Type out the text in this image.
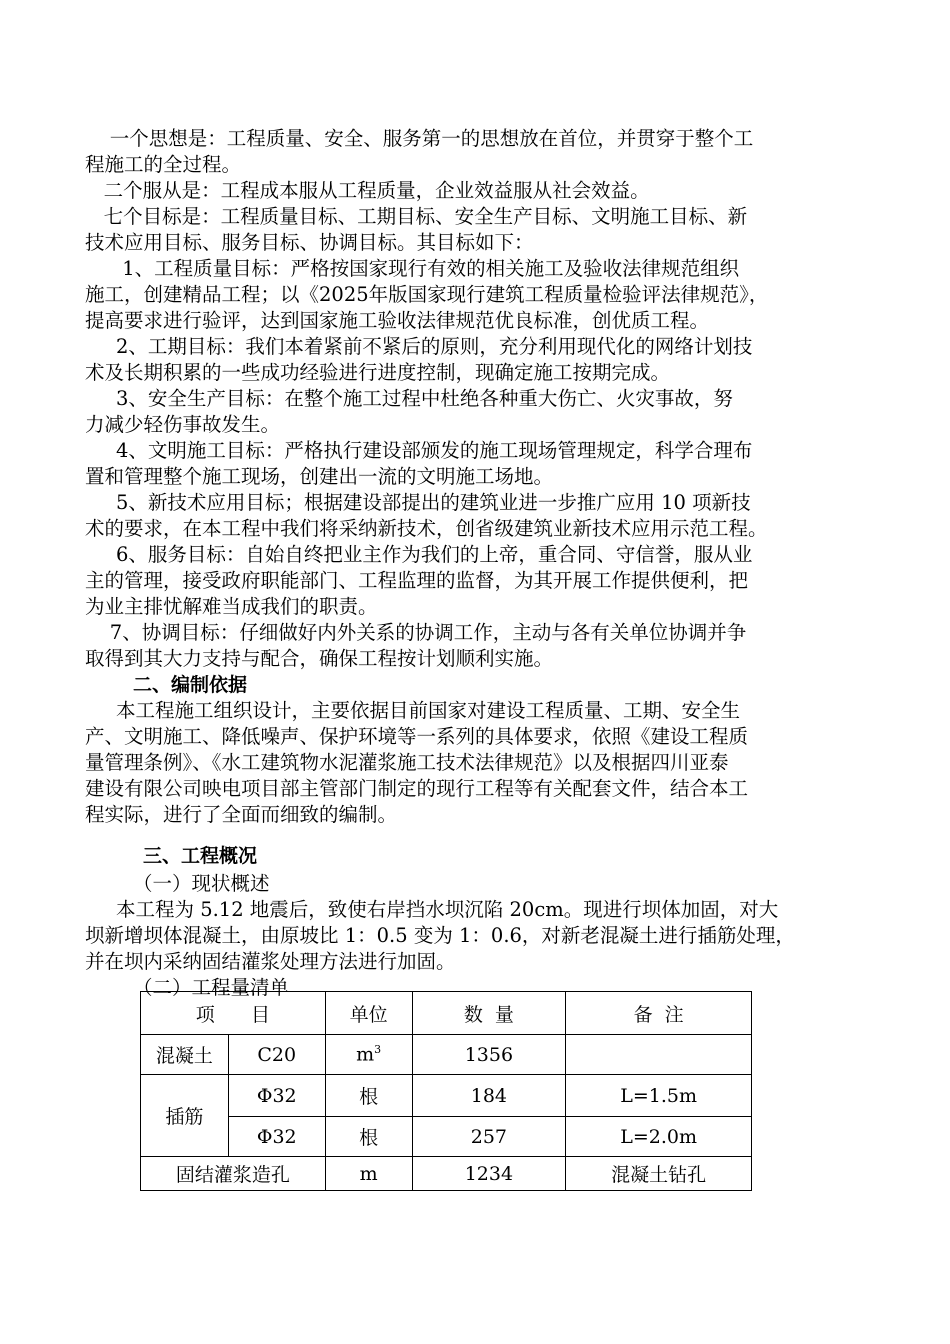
一个思想是：工程质量、安全、服务第一的思想放在首位，并贯穿于整个工
程施工的全过程。
二个服从是：工程成本服从工程质量，企业效益服从社会效益。
七个目标是：工程质量目标、工期目标、安全生产目标、文明施工目标、新
技术应用目标、服务目标、协调目标。其目标如下：
1、工程质量目标：严格按国家现行有效的相关施工及验收法律规范组织
施工，创建精品工程；以《2025年版国家现行建筑工程质量检验评法律规范》，
提高要求进行验评，达到国家施工验收法律规范优良标准，创优质工程。
2、工期目标：我们本着紧前不紧后的原则，充分利用现代化的网络计划技
术及长期积累的一些成功经验进行进度控制，现确定施工按期完成。
3、安全生产目标：在整个施工过程中杜绝各种重大伤亡、火灾事故，努
力减少轻伤事故发生。
4、文明施工目标：严格执行建设部颁发的施工现场管理规定，科学合理布
置和管理整个施工现场，创建出一流的文明施工场地。
5、新技术应用目标；根据建设部提出的建筑业进一步推广应用 10 项新技
术的要求，在本工程中我们将采纳新技术，创省级建筑业新技术应用示范工程。
6、服务目标：自始自终把业主作为我们的上帝，重合同、守信誉，服从业
主的管理，接受政府职能部门、工程监理的监督，为其开展工作提供便利，把
为业主排忧解难当成我们的职责。
7、协调目标：仔细做好内外关系的协调工作，主动与各有关单位协调并争
取得到其大力支持与配合，确保工程按计划顺利实施。
二、编制依据
本工程施工组织设计，主要依据目前国家对建设工程质量、工期、安全生
产、文明施工、降低噪声、保护环境等一系列的具体要求，依照《建设工程质
量管理条例》、《水工建筑物水泥灌浆施工技术法律规范》以及根据四川亚泰
建设有限公司映电项目部主管部门制定的现行工程等有关配套文件，结合本工
程实际，进行了全面而细致的编制。
三、工程概况
（一）现状概述
本工程为 5.12 地震后，致使右岸挡水坝沉陷 20cm。现进行坝体加固，对大
坝新增坝体混凝土，由原坡比 1：0.5 变为 1：0.6，对新老混凝土进行插筋处理，
并在坝内采纳固结灌浆处理方法进行加固。
（二）工程量清单
项      目		单位	数  量	备  注
混凝土	C20	$m^3$	1356	
插筋	Φ32	根	184	L=1.5m
	Φ32	根	257	L=2.0m
固结灌浆造孔		m	1234	混凝土钻孔
